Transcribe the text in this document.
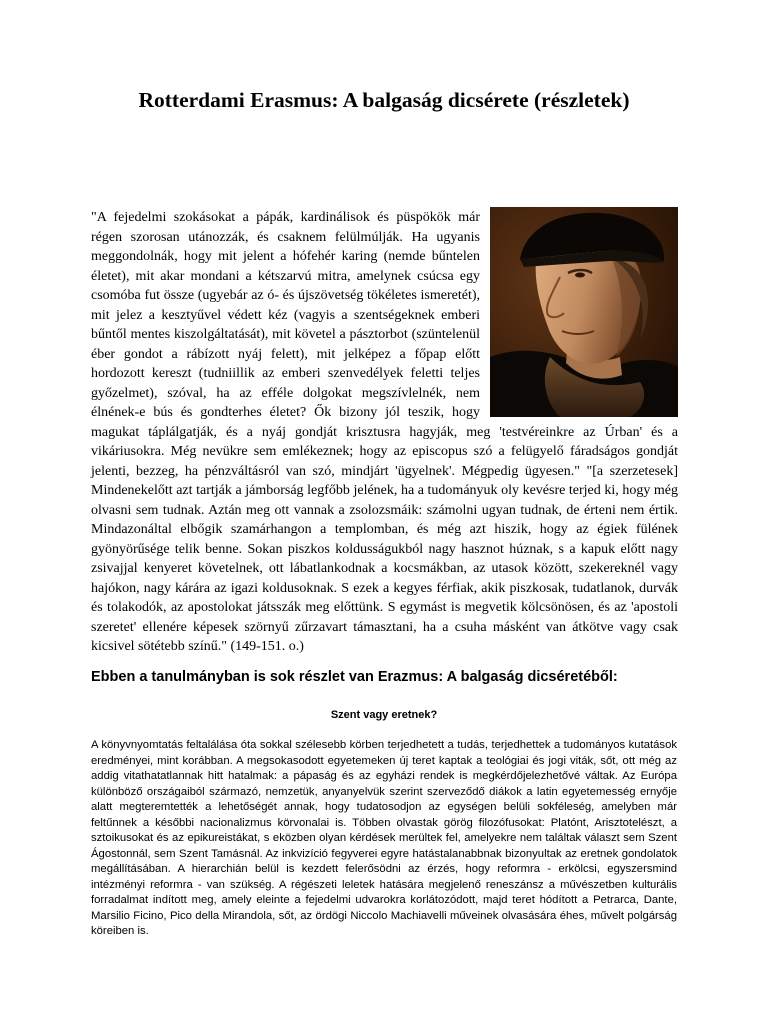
Rotterdami Erasmus: A balgaság dicsérete (részletek)
"A fejedelmi szokásokat a pápák, kardinálisok és püspökök már régen szorosan utánozzák, és csaknem felülmúlják. Ha ugyanis meggondolnák, hogy mit jelent a hófehér karing (nemde bűntelen életet), mit akar mondani a kétszarvú mitra, amelynek csúcsa egy csomóba fut össze (ugyebár az ó- és újszövetség tökéletes ismeretét), mit jelez a kesztyűvel védett kéz (vagyis a szentségeknek emberi bűntől mentes kiszolgáltatását), mit követel a pásztorbot (szüntelenül éber gondot a rábízott nyáj felett), mit jelképez a főpap előtt hordozott kereszt (tudniillik az emberi szenvedélyek feletti teljes győzelmet), szóval, ha az efféle dolgokat megszívlelnék, nem élnének-e bús és gondterhes életet? Ők bizony jól teszik, hogy magukat táplálgatják, és a nyáj gondját krisztusra hagyják, meg 'testvéreinkre az Úrban' és a vikáriusokra. Még nevükre sem emlékeznek; hogy az episcopus szó a felügyelő fáradságos gondját jelenti, bezzeg, ha pénzváltásról van szó, mindjárt 'ügyelnek'. Mégpedig ügyesen." "[a szerzetesek] Mindenekelőtt azt tartják a jámborság legfőbb jelének, ha a tudományuk oly kevésre terjed ki, hogy még olvasni sem tudnak. Aztán meg ott vannak a zsolozsmáik: számolni ugyan tudnak, de érteni nem értik. Mindazonáltal elbőgik szamárhangon a templomban, és még azt hiszik, hogy az égiek fülének gyönyörűsége telik benne. Sokan piszkos koldusságukból nagy hasznot húznak, s a kapuk előtt nagy zsivajjal kenyeret követelnek, ott lábatlankodnak a kocsmákban, az utasok között, szekereknél vagy hajókon, nagy kárára az igazi koldusoknak. S ezek a kegyes férfiak, akik piszkosak, tudatlanok, durvák és tolakodók, az apostolokat játsszák meg előttünk. S egymást is megvetik kölcsönösen, és az 'apostoli szeretet' ellenére képesek szörnyű zűrzavart támasztani, ha a csuha másként van átkötve vagy csak kicsivel sötétebb színű." (149-151. o.)
Ebben a tanulmányban is sok részlet van Erazmus: A balgaság dicséretéből:
Szent vagy eretnek?

A könyvnyomtatás feltalálása óta sokkal szélesebb körben terjedhetett a tudás, terjedhettek a tudományos kutatások eredményei, mint korábban. A megsokasodott egyetemeken új teret kaptak a teológiai és jogi viták, sőt, ott még az addig vitathatatlannak hitt hatalmak: a pápaság és az egyházi rendek is megkérdőjelezhetővé váltak. Az Európa különböző országaiból származó, nemzetük, anyanyelvük szerint szerveződő diákok a latin egyetemesség ernyője alatt megteremtették a lehetőségét annak, hogy tudatosodjon az egységen belüli sokféleség, amelyben már feltűnnek a későbbi nacionalizmus körvonalai is. Többen olvastak görög filozófusokat: Platónt, Arisztotelészt, a sztoikusokat és az epikureistákat, s eközben olyan kérdések merültek fel, amelyekre nem találtak választ sem Szent Ágostonnál, sem Szent Tamásnál. Az inkvizíció fegyverei egyre hatástalanabbnak bizonyultak az eretnek gondolatok megállításában. A hierarchián belül is kezdett felerősödni az érzés, hogy reformra - erkölcsi, egyszersmind intézményi reformra - van szükség. A régészeti leletek hatására megjelenő reneszánsz a művészetben kulturális forradalmat indított meg, amely eleinte a fejedelmi udvarokra korlátozódott, majd teret hódított a Petrarca, Dante, Marsilio Ficino, Pico della Mirandola, sőt, az ördögi Niccolo Machiavelli műveinek olvasására éhes, művelt polgárság köreiben is.
